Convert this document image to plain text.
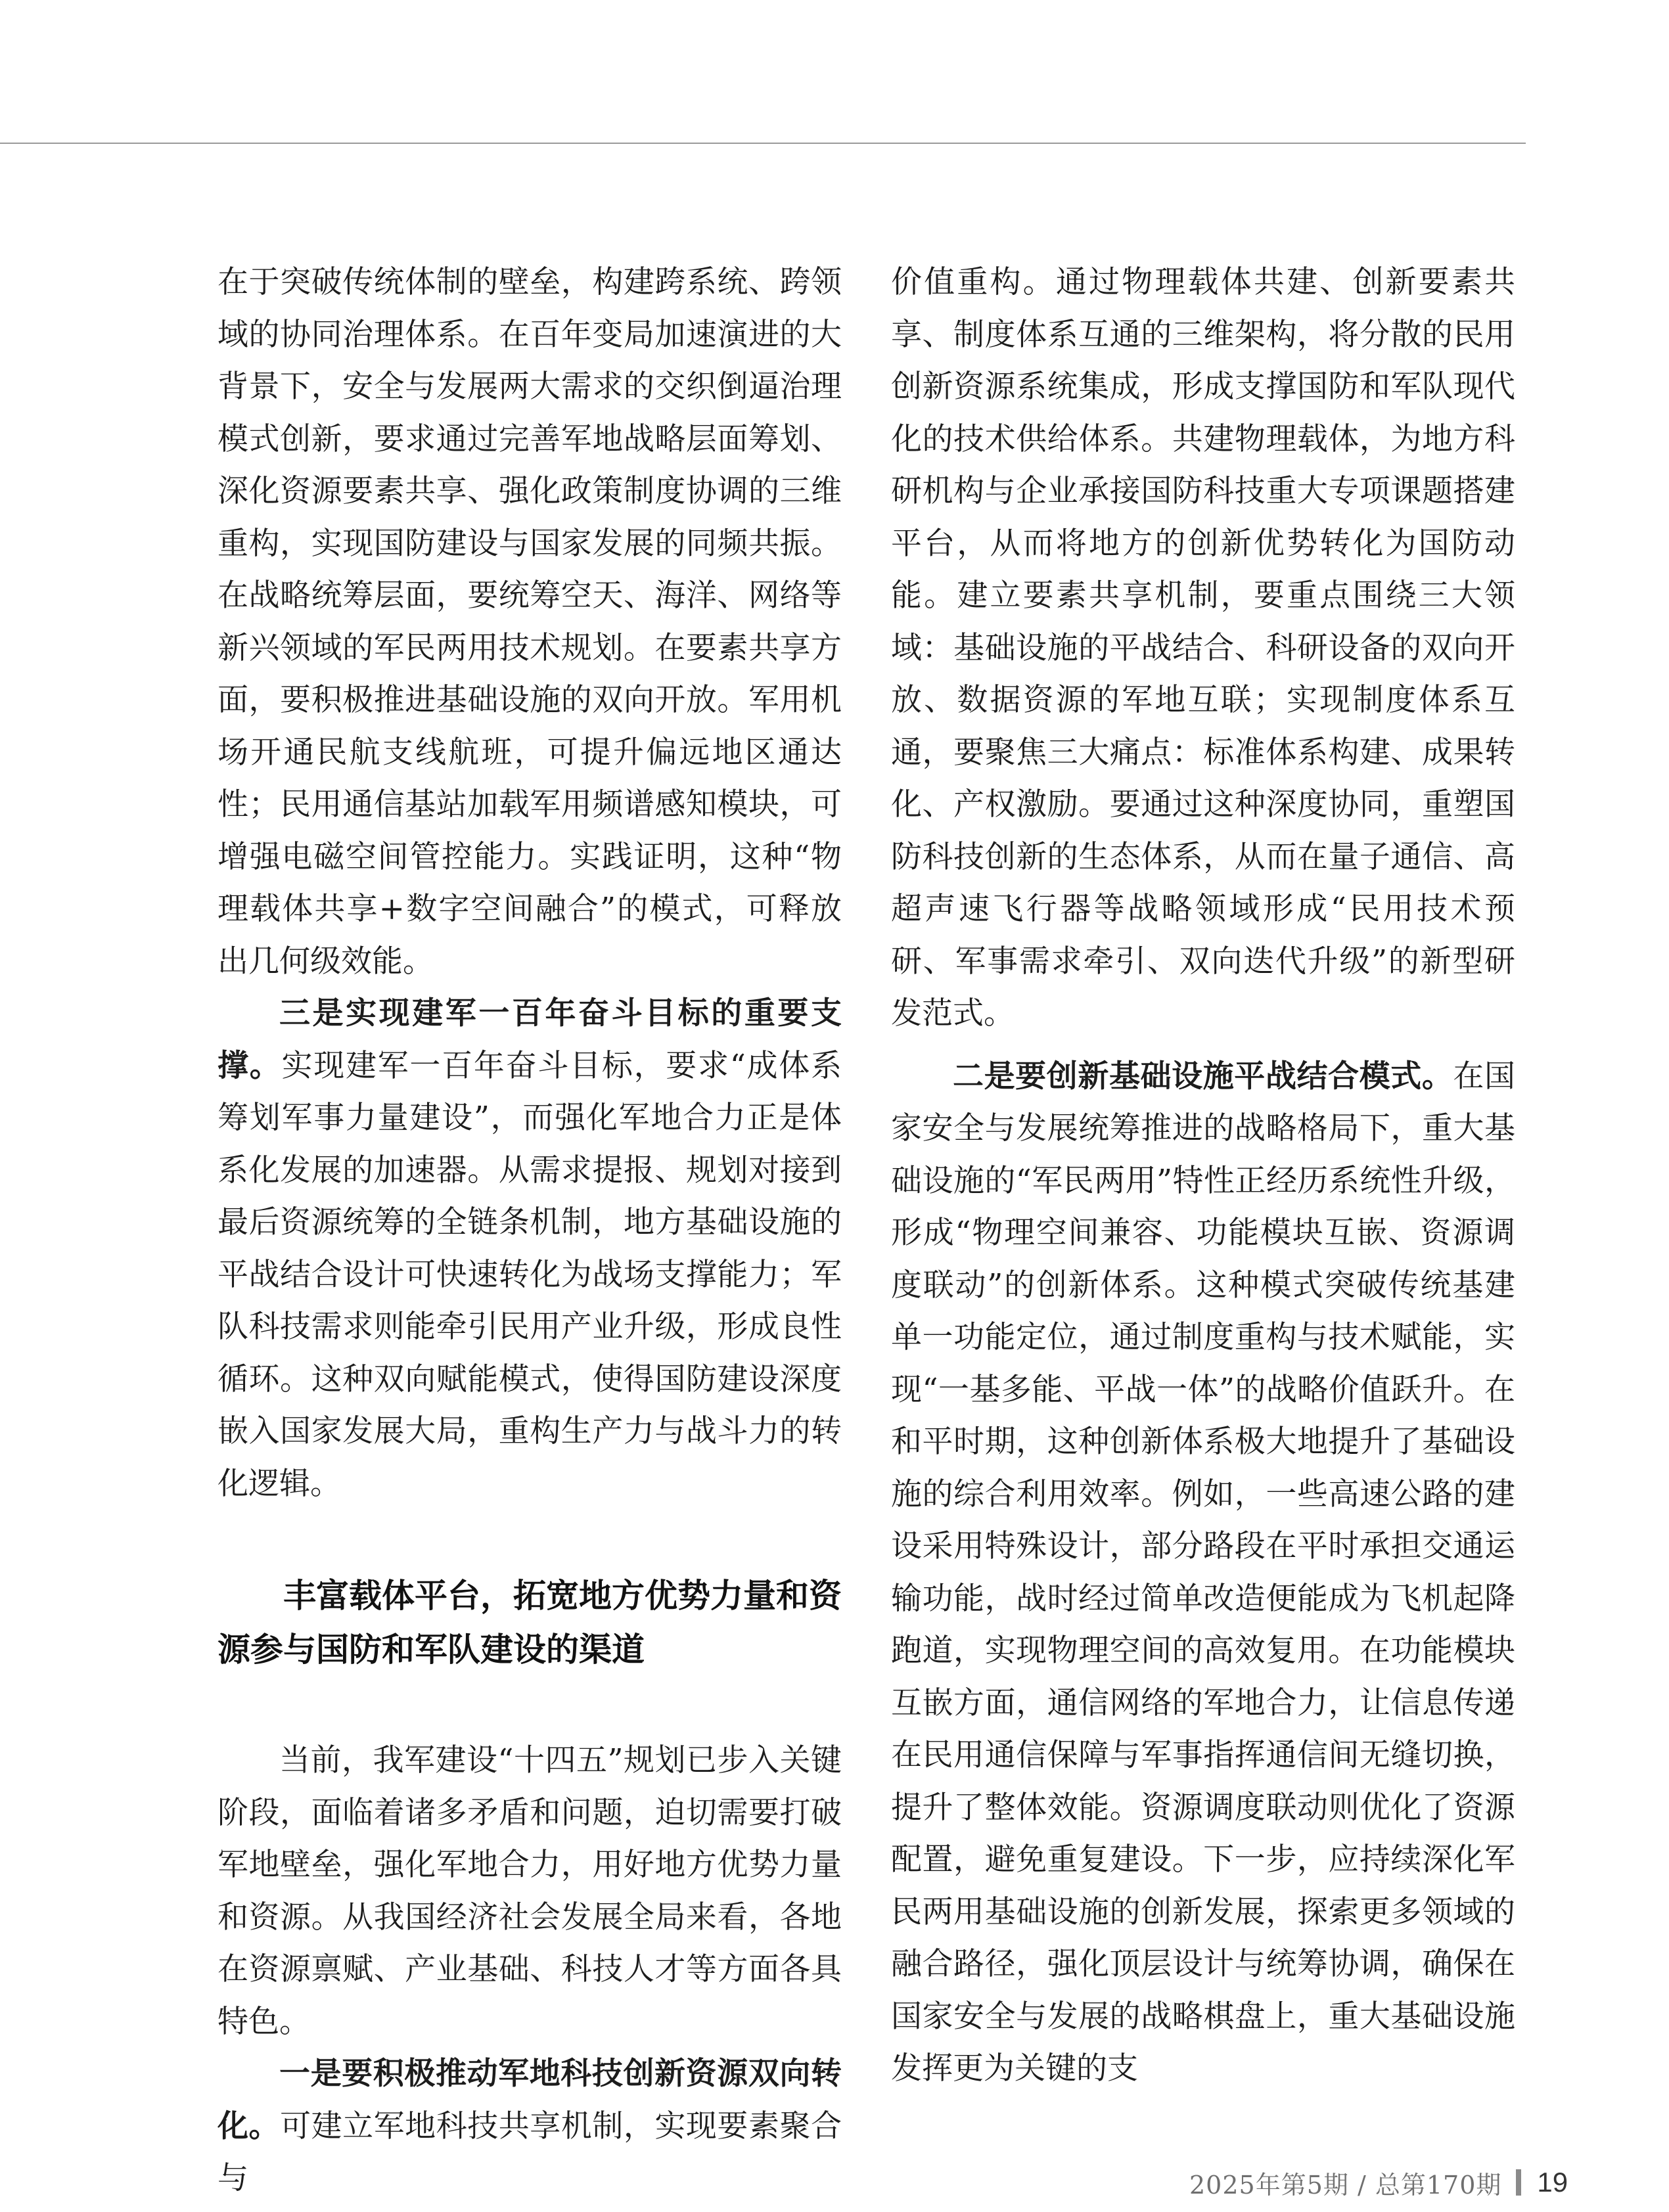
在于突破传统体制的壁垒，构建跨系统、跨领域的协同治理体系。在百年变局加速演进的大背景下，安全与发展两大需求的交织倒逼治理模式创新，要求通过完善军地战略层面筹划、深化资源要素共享、强化政策制度协调的三维重构，实现国防建设与国家发展的同频共振。在战略统筹层面，要统筹空天、海洋、网络等新兴领域的军民两用技术规划。在要素共享方面，要积极推进基础设施的双向开放。军用机场开通民航支线航班，可提升偏远地区通达性；民用通信基站加载军用频谱感知模块，可增强电磁空间管控能力。实践证明，这种“物理载体共享+数字空间融合”的模式，可释放出几何级效能。

三是实现建军一百年奋斗目标的重要支撑。实现建军一百年奋斗目标，要求“成体系筹划军事力量建设”，而强化军地合力正是体系化发展的加速器。从需求提报、规划对接到最后资源统筹的全链条机制，地方基础设施的平战结合设计可快速转化为战场支撑能力；军队科技需求则能牵引民用产业升级，形成良性循环。这种双向赋能模式，使得国防建设深度嵌入国家发展大局，重构生产力与战斗力的转化逻辑。

丰富载体平台，拓宽地方优势力量和资源参与国防和军队建设的渠道

当前，我军建设“十四五”规划已步入关键阶段，面临着诸多矛盾和问题，迫切需要打破军地壁垒，强化军地合力，用好地方优势力量和资源。从我国经济社会发展全局来看，各地在资源禀赋、产业基础、科技人才等方面各具特色。

一是要积极推动军地科技创新资源双向转化。可建立军地科技共享机制，实现要素聚合与

价值重构。通过物理载体共建、创新要素共享、制度体系互通的三维架构，将分散的民用创新资源系统集成，形成支撑国防和军队现代化的技术供给体系。共建物理载体，为地方科研机构与企业承接国防科技重大专项课题搭建平台，从而将地方的创新优势转化为国防动能。建立要素共享机制，要重点围绕三大领域：基础设施的平战结合、科研设备的双向开放、数据资源的军地互联；实现制度体系互通，要聚焦三大痛点：标准体系构建、成果转化、产权激励。要通过这种深度协同，重塑国防科技创新的生态体系，从而在量子通信、高超声速飞行器等战略领域形成“民用技术预研、军事需求牵引、双向迭代升级”的新型研发范式。

二是要创新基础设施平战结合模式。在国家安全与发展统筹推进的战略格局下，重大基础设施的“军民两用”特性正经历系统性升级，形成“物理空间兼容、功能模块互嵌、资源调度联动”的创新体系。这种模式突破传统基建单一功能定位，通过制度重构与技术赋能，实现“一基多能、平战一体”的战略价值跃升。在和平时期，这种创新体系极大地提升了基础设施的综合利用效率。例如，一些高速公路的建设采用特殊设计，部分路段在平时承担交通运输功能，战时经过简单改造便能成为飞机起降跑道，实现物理空间的高效复用。在功能模块互嵌方面，通信网络的军地合力，让信息传递在民用通信保障与军事指挥通信间无缝切换，提升了整体效能。资源调度联动则优化了资源配置，避免重复建设。下一步，应持续深化军民两用基础设施的创新发展，探索更多领域的融合路径，强化顶层设计与统筹协调，确保在国家安全与发展的战略棋盘上，重大基础设施发挥更为关键的支

2025年第5期 / 总第170期 19
